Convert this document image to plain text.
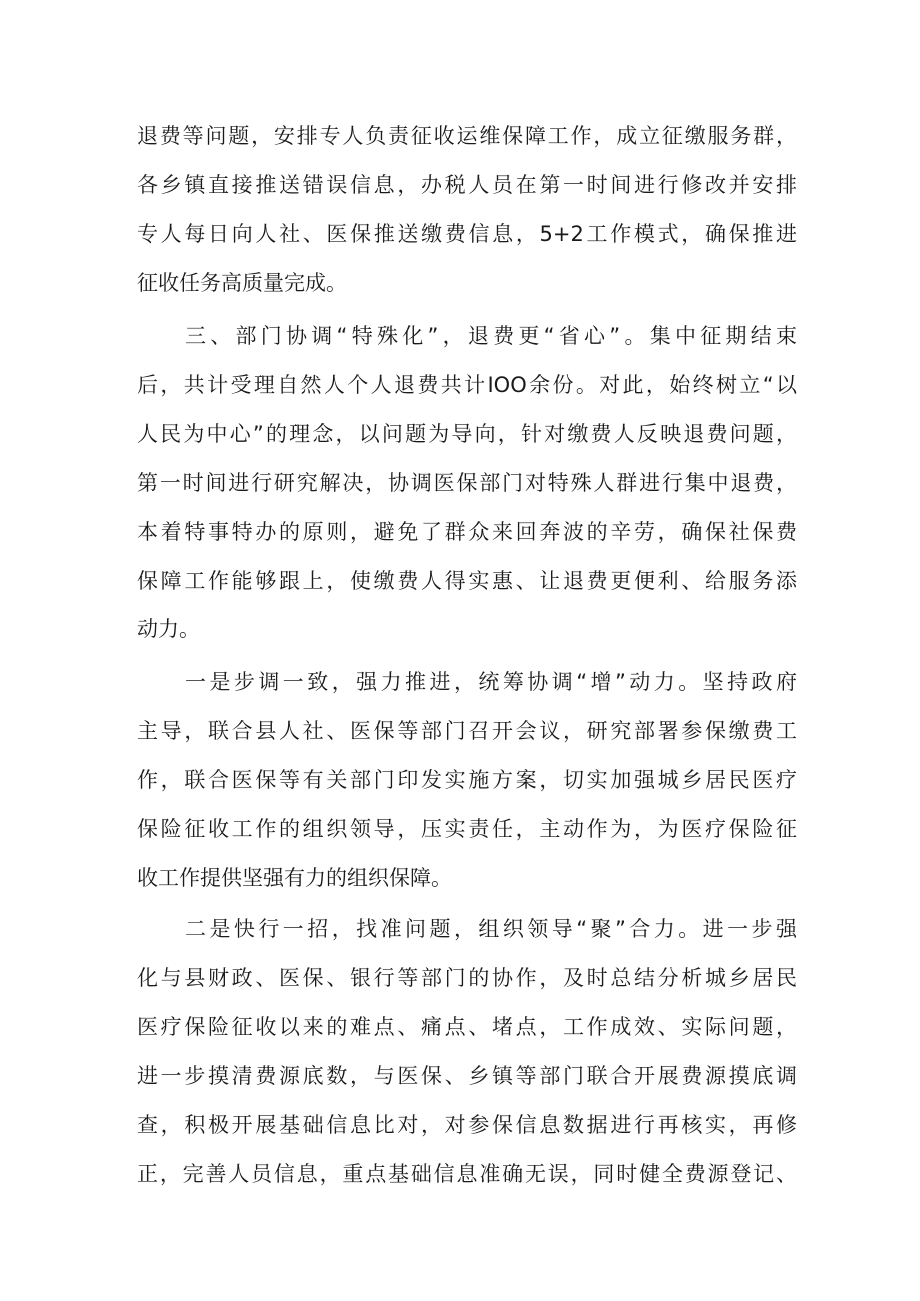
退费等问题，安排专人负责征收运维保障工作，成立征缴服务群，
各乡镇直接推送错误信息，办税人员在第一时间进行修改并安排
专人每日向人社、医保推送缴费信息，5+2工作模式，确保推进
征收任务高质量完成。
三、部门协调“特殊化”，退费更“省心”。集中征期结束
后，共计受理自然人个人退费共计IOO余份。对此，始终树立“以
人民为中心”的理念，以问题为导向，针对缴费人反映退费问题，
第一时间进行研究解决，协调医保部门对特殊人群进行集中退费，
本着特事特办的原则，避免了群众来回奔波的辛劳，确保社保费
保障工作能够跟上，使缴费人得实惠、让退费更便利、给服务添
动力。
一是步调一致，强力推进，统筹协调“增”动力。坚持政府
主导，联合县人社、医保等部门召开会议，研究部署参保缴费工
作，联合医保等有关部门印发实施方案，切实加强城乡居民医疗
保险征收工作的组织领导，压实责任，主动作为，为医疗保险征
收工作提供坚强有力的组织保障。
二是快行一招，找准问题，组织领导“聚”合力。进一步强
化与县财政、医保、银行等部门的协作，及时总结分析城乡居民
医疗保险征收以来的难点、痛点、堵点，工作成效、实际问题，
进一步摸清费源底数，与医保、乡镇等部门联合开展费源摸底调
查，积极开展基础信息比对，对参保信息数据进行再核实，再修
正，完善人员信息，重点基础信息准确无误，同时健全费源登记、
